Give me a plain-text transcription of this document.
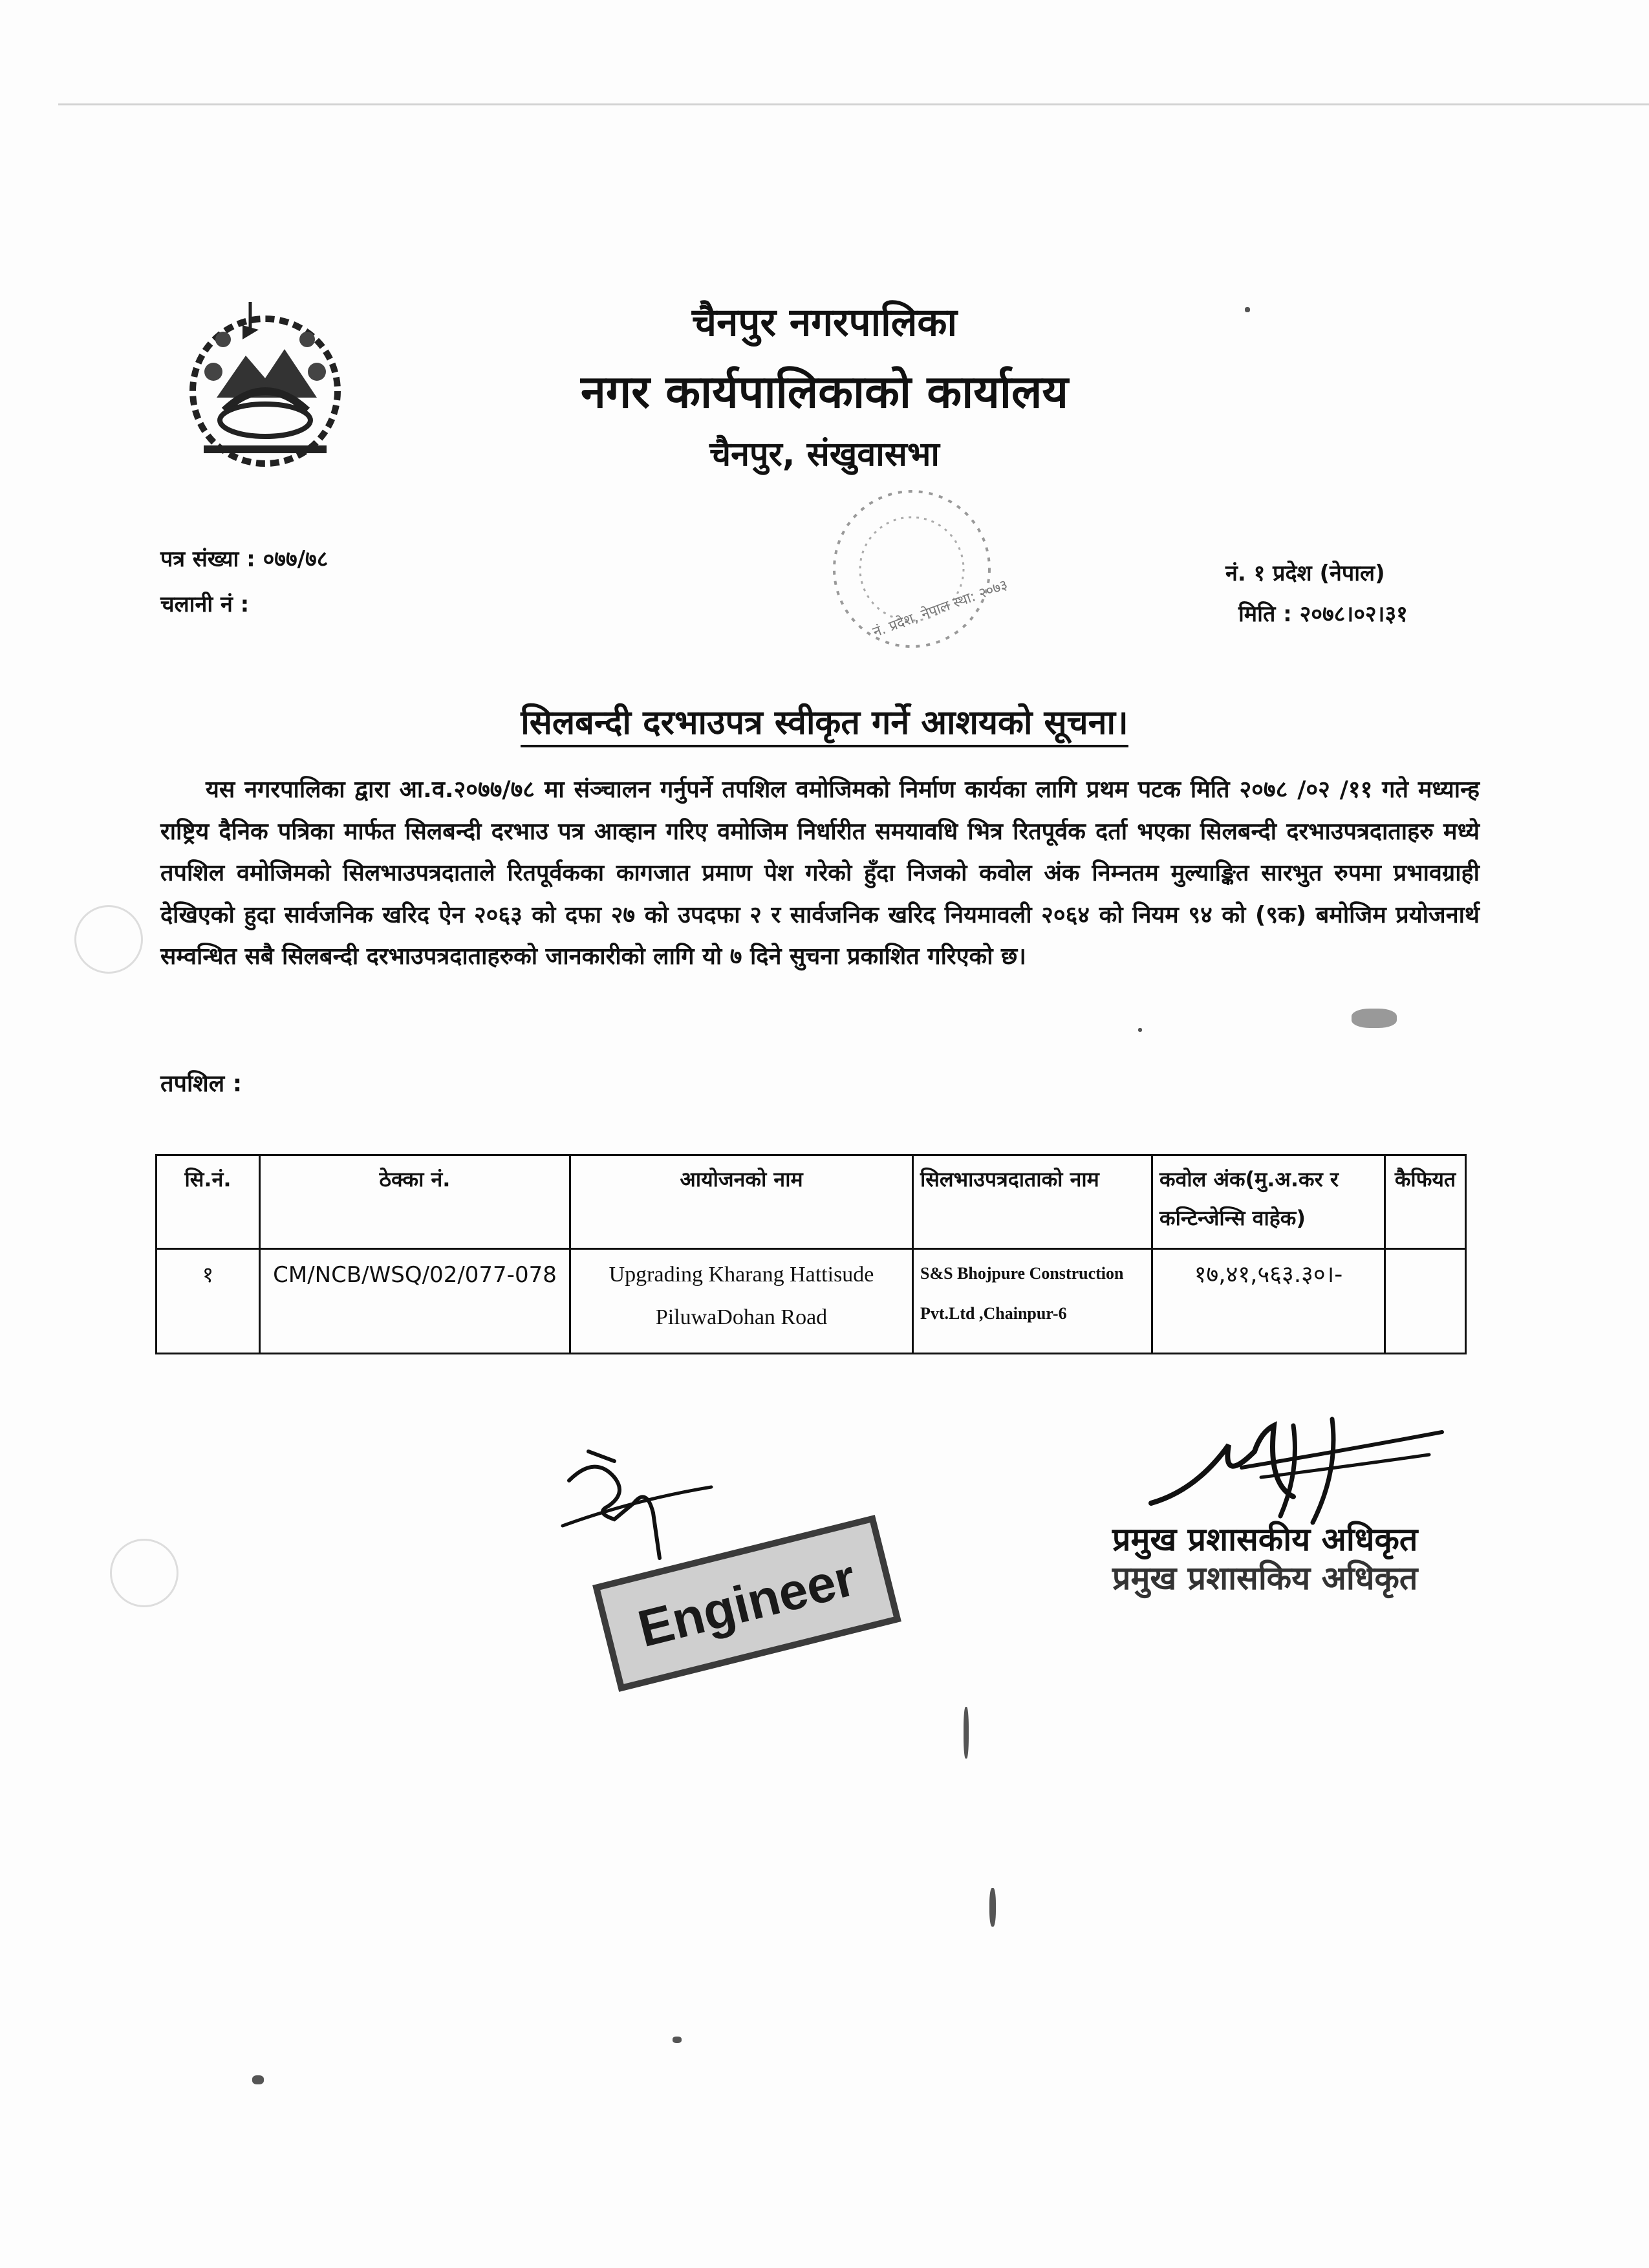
चैनपुर नगरपालिका
नगर कार्यपालिकाको कार्यालय
चैनपुर, संखुवासभा
पत्र संख्या : ०७७/७८
चलानी नं :
नं. १ प्रदेश (नेपाल)
मिति : २०७८।०२।३१
नं. प्रदेश, नेपाल स्था: २०७३
सिलबन्दी दरभाउपत्र स्वीकृत गर्ने आशयको सूचना।
यस नगरपालिका द्वारा आ.व.२०७७/७८ मा संञ्चालन गर्नुपर्ने तपशिल वमोजिमको निर्माण कार्यका लागि प्रथम पटक मिति २०७८ /०२ /११ गते मध्यान्ह राष्ट्रिय दैनिक पत्रिका मार्फत सिलबन्दी दरभाउ पत्र आव्हान गरिए वमोजिम निर्धारीत समयावधि भित्र रितपूर्वक दर्ता भएका सिलबन्दी दरभाउपत्रदाताहरु मध्ये तपशिल वमोजिमको सिलभाउपत्रदाताले रितपूर्वकका कागजात प्रमाण पेश गरेको हुँदा निजको कवोल अंक निम्नतम मुल्याङ्कित सारभुत रुपमा प्रभावग्राही देखिएको हुदा सार्वजनिक खरिद ऐन २०६३ को दफा २७ को उपदफा २ र सार्वजनिक खरिद नियमावली २०६४ को नियम ९४ को (९क) बमोजिम प्रयोजनार्थ सम्वन्धित सबै सिलबन्दी दरभाउपत्रदाताहरुको जानकारीको लागि यो ७ दिने सुचना प्रकाशित गरिएको छ।
तपशिल :
सि.नं.	ठेक्का नं.	आयोजनको नाम	सिलभाउपत्रदाताको नाम	कवोल अंक(मु.अ.कर र कन्टिन्जेन्सि वाहेक)	कैफियत
१	CM/NCB/WSQ/02/077-078	Upgrading Kharang Hattisude PiluwaDohan Road	S&S Bhojpure Construction Pvt.Ltd ,Chainpur-6	१७,४१,५६३.३०।-	
Engineer
प्रमुख प्रशासकीय अधिकृत
प्रमुख प्रशासकिय अधिकृत
